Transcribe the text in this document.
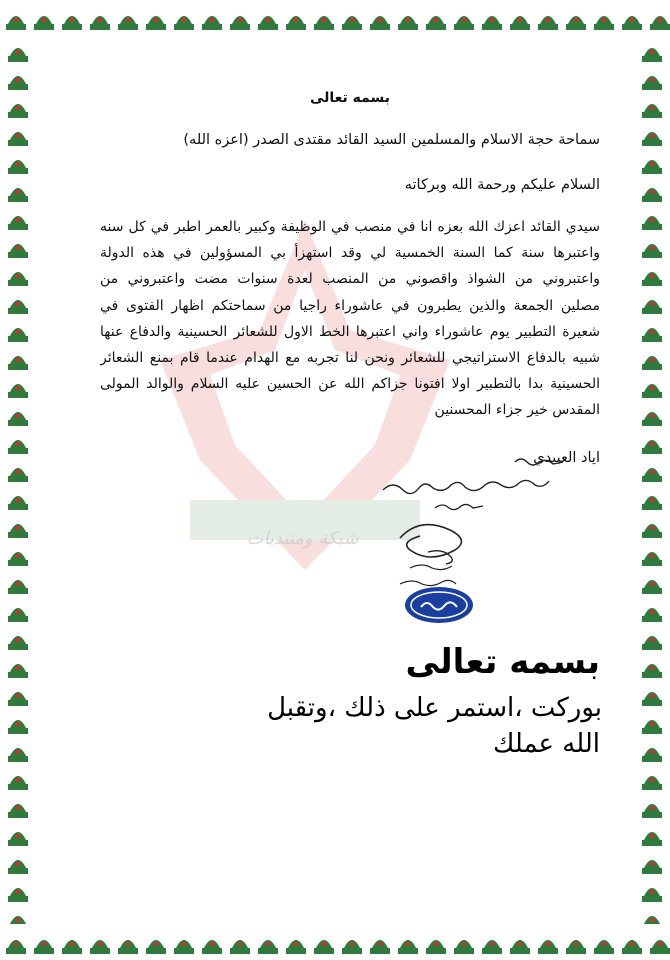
شبكة ومنتديات
بسمه تعالى
سماحة حجة الاسلام والمسلمين السيد القائد مقتدى الصدر (اعزه الله)
السلام عليكم ورحمة الله وبركاته
سيدي القائد اعزك الله بعزه انا في منصب في الوظيفة وكبير بالعمر اطبر في كل سنه
واعتبرها سنة كما السنة الخمسية لي وقد استهزأ بي المسؤولين في هذه الدولة
واعتبروني من الشواذ واقصوني من المنصب لعدة سنوات مضت واعتبروني من
مصلين الجمعة والذين يطبرون في عاشوراء راجيا من سماحتكم اظهار الفتوى في
شعيرة التطبير يوم عاشوراء واني اعتبرها الخط الاول للشعائر الحسينية والدفاع عنها
شبيه بالدفاع الاستراتيجي للشعائر ونحن لنا تجربه مع الهدام عندما قام بمنع الشعائر
الحسينية بدا بالتطبير اولا افتونا جزاكم الله عن الحسين عليه السلام والوالد المولى
المقدس خير جزاء المحسنين
اياد العبيدي
بسمه تعالى
بوركت ،استمر على ذلك ،وتقبل
الله عملك
